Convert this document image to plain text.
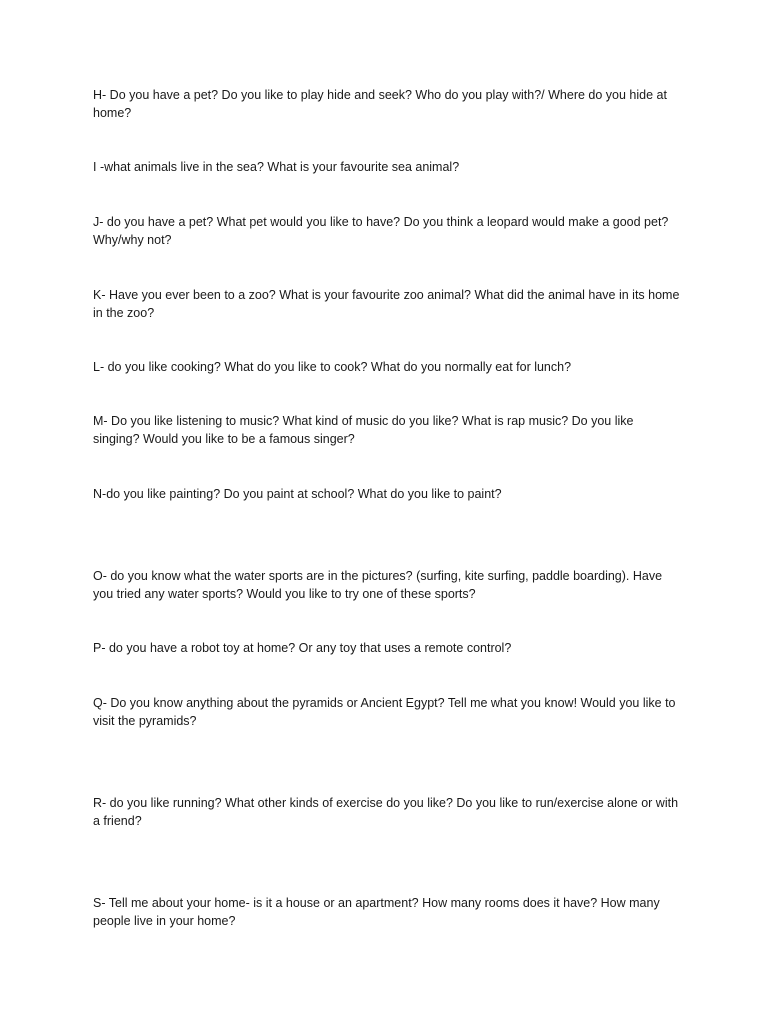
H- Do you have a pet? Do you like to play hide and seek? Who do you play with?/ Where do you hide at home?

I -what animals live in the sea? What is your favourite sea animal?

J- do you have a pet? What pet would you like to have? Do you think a leopard would make a good pet? Why/why not?

K- Have you ever been to a zoo? What is your favourite zoo animal? What did the animal have in its home in the zoo?

L- do you like cooking? What do you like to cook? What do you normally eat for lunch?

M- Do you like listening to music? What kind of music do you like? What is rap music? Do you like singing? Would you like to be a famous singer?

N-do you like painting? Do you paint at school? What do you like to paint?

O- do you know what the water sports are in the pictures? (surfing, kite surfing, paddle boarding). Have you tried any water sports? Would you like to try one of these sports?

P- do you have a robot toy at home? Or any toy that uses a remote control?

Q- Do you know anything about the pyramids or Ancient Egypt? Tell me what you know! Would you like to visit the pyramids?

R- do you like running? What other kinds of exercise do you like? Do you like to run/exercise alone or with a friend?

S- Tell me about your home- is it a house or an apartment? How many rooms does it have? How many people live in your home?
